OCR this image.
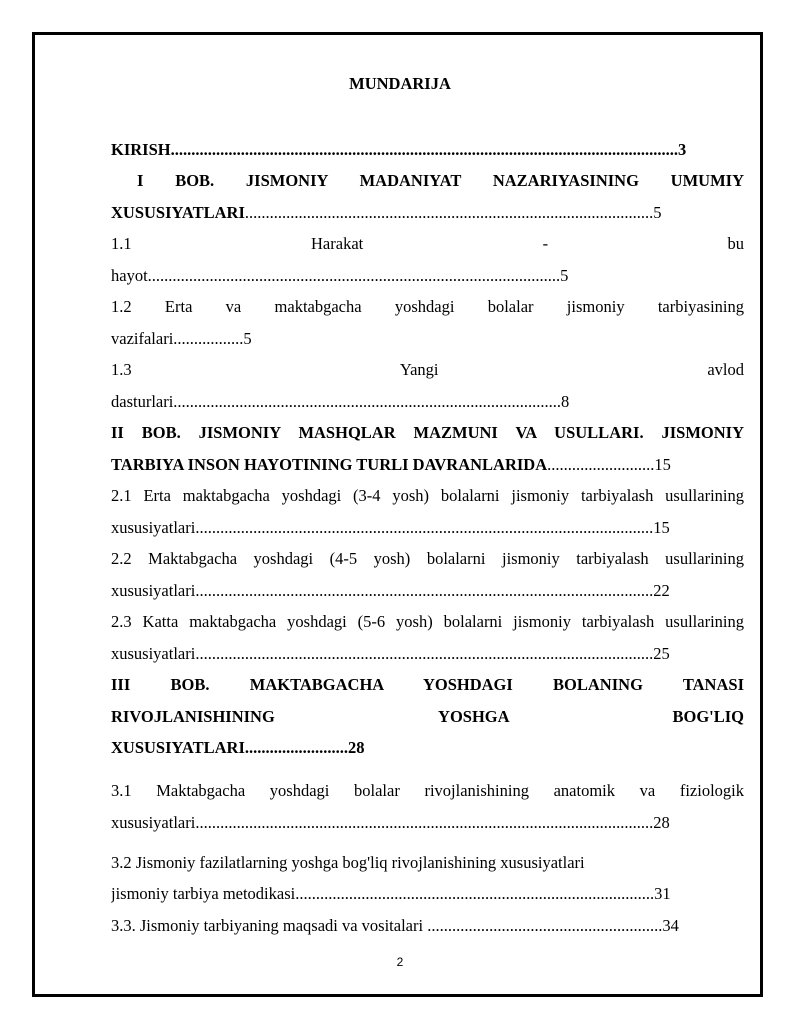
MUNDARIJA
KIRISH...........................................................................................................................3
I BOB. JISMONIY MADANIYAT NAZARIYASINING UMUMIY
XUSUSIYATLARI...................................................................................................5
1.1 Harakat - bu
hayot....................................................................................................5
1.2 Erta va maktabgacha yoshdagi bolalar jismoniy tarbiyasining
vazifalari.................5
1.3 Yangi avlod
dasturlari..............................................................................................8
II BOB. JISMONIY MASHQLAR MAZMUNI VA USULLARI. JISMONIY
TARBIYA INSON HAYOTINING TURLI DAVRANLARIDA..........................15
2.1 Erta maktabgacha yoshdagi (3-4 yosh) bolalarni jismoniy tarbiyalash usullarining
xususiyatlari...............................................................................................................15
2.2 Maktabgacha yoshdagi (4-5 yosh) bolalarni jismoniy tarbiyalash usullarining
xususiyatlari...............................................................................................................22
2.3 Katta maktabgacha yoshdagi (5-6 yosh) bolalarni jismoniy tarbiyalash usullarining
xususiyatlari...............................................................................................................25
III BOB. MAKTABGACHA YOSHDAGI BOLANING TANASI
RIVOJLANISHINING YOSHGA BOG'LIQ
XUSUSIYATLARI.........................28
3.1 Maktabgacha yoshdagi bolalar rivojlanishining anatomik va fiziologik
xususiyatlari...............................................................................................................28
3.2 Jismoniy fazilatlarning yoshga bog'liq rivojlanishining xususiyatlari
jismoniy tarbiya metodikasi.......................................................................................31
3.3. Jismoniy tarbiyaning maqsadi va vositalari .........................................................34
2
